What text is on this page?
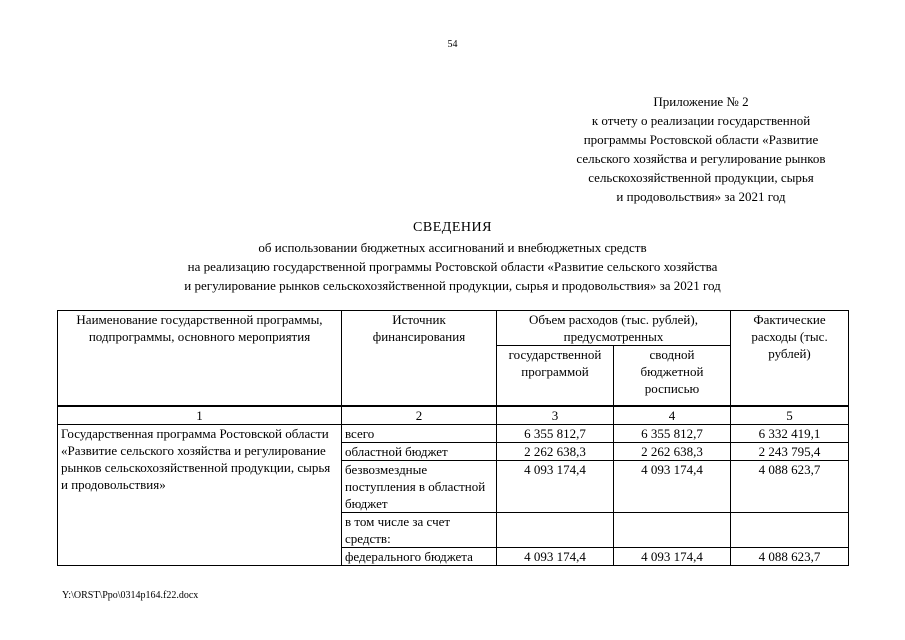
54
Приложение № 2
к отчету о реализации государственной
программы Ростовской области «Развитие
сельского хозяйства и регулирование рынков
сельскохозяйственной продукции, сырья
и продовольствия» за 2021 год
СВЕДЕНИЯ
об использовании бюджетных ассигнований и внебюджетных средств
на реализацию государственной программы Ростовской области «Развитие сельского хозяйства
и регулирование рынков сельскохозяйственной продукции, сырья и продовольствия» за 2021 год
Наименование государственной программы, подпрограммы, основного мероприятия	Источник финансирования	Объем расходов (тыс. рублей), предусмотренных		Фактические расходы (тыс. рублей)
		государственной программой	сводной бюджетной росписью	
1	2	3	4	5
Государственная программа Ростовской области «Развитие сельского хозяйства и регулирование рынков сельскохозяйственной продукции, сырья и продовольствия»	всего	6 355 812,7	6 355 812,7	6 332 419,1
	областной бюджет	2 262 638,3	2 262 638,3	2 243 795,4
	безвозмездные поступления в областной бюджет	4 093 174,4	4 093 174,4	4 088 623,7
	в том числе за счет средств:			
	федерального бюджета	4 093 174,4	4 093 174,4	4 088 623,7
Y:\ORST\Ppo\0314p164.f22.docx
